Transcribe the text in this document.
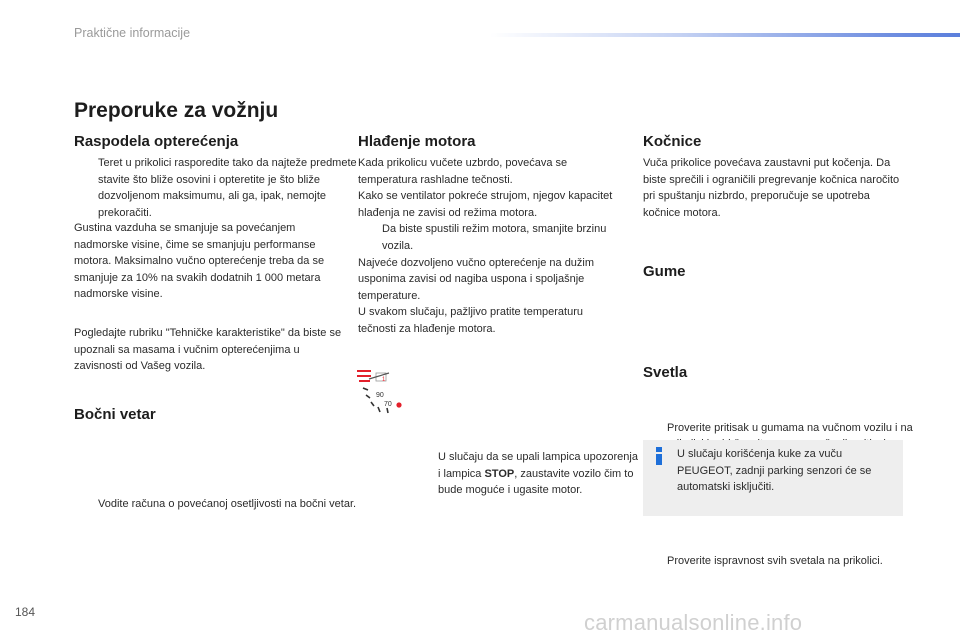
Praktične informacije
Preporuke za vožnju
Raspodela opterećenja
Teret u prikolici rasporedite tako da najteže predmete stavite što bliže osovini i opteretite je što bliže dozvoljenom maksimumu, ali ga, ipak, nemojte prekoračiti.
Gustina vazduha se smanjuje sa povećanjem nadmorske visine, čime se smanjuju performanse motora. Maksimalno vučno opterećenje treba da se smanjuje za 10% na svakih dodatnih 1 000 metara nadmorske visine.
Pogledajte rubriku "Tehničke karakteristike" da biste se upoznali sa masama i vučnim opterećenjima u zavisnosti od Vašeg vozila.
Bočni vetar
Vodite računa o povećanoj osetljivosti na bočni vetar.
Hlađenje motora
Kada prikolicu vučete uzbrdo, povećava se temperatura rashladne tečnosti.
Kako se ventilator pokreće strujom, njegov kapacitet hlađenja ne zavisi od režima motora.
Da biste spustili režim motora, smanjite brzinu vozila.
Najveće dozvoljeno vučno opterećenje na dužim usponima zavisi od nagiba uspona i spoljašnje temperature.
U svakom slučaju, pažljivo pratite temperaturu tečnosti za hlađenje motora.
1
90
70
U slučaju da se upali lampica upozorenja i lampica STOP, zaustavite vozilo čim to bude moguće i ugasite motor.
Kočnice
Vuča prikolice povećava zaustavni put kočenja. Da biste sprečili i ograničili pregrevanje kočnica naročito pri spuštanju nizbrdo, preporučuje se upotreba kočnice motora.
Gume
Proverite pritisak u gumama na vučnom vozilu i na
Svetla
Proverite ispravnost svih svetala na prikolici.
U slučaju korišćenja kuke za vuču PEUGEOT, zadnji parking senzori će se automatski isključiti.
184	carmanualsonline.info
